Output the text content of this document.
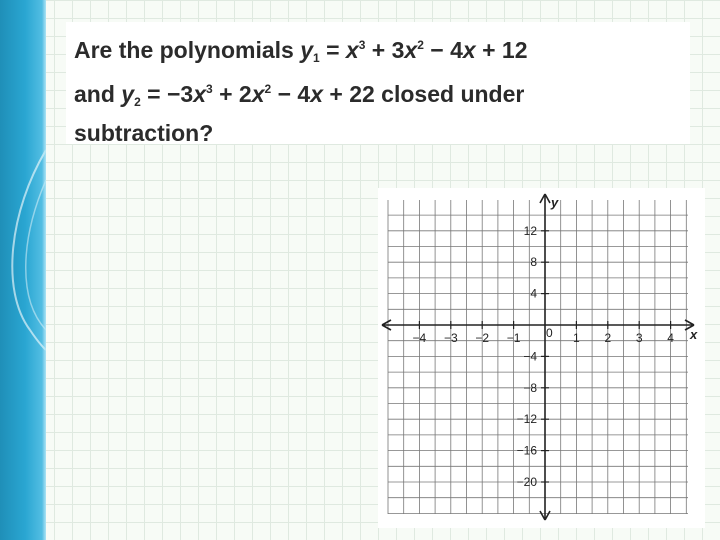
Are the polynomials $y_1 = x^3 + 3x^2 - 4x + 12$
and $y_2 = -3x^3 + 2x^2 - 4x + 22$ closed under
subtraction?
x
y
0
−4 −3 −2 −1	1 2 3 4
12
8
4
−4
−8
−12
−16
−20
